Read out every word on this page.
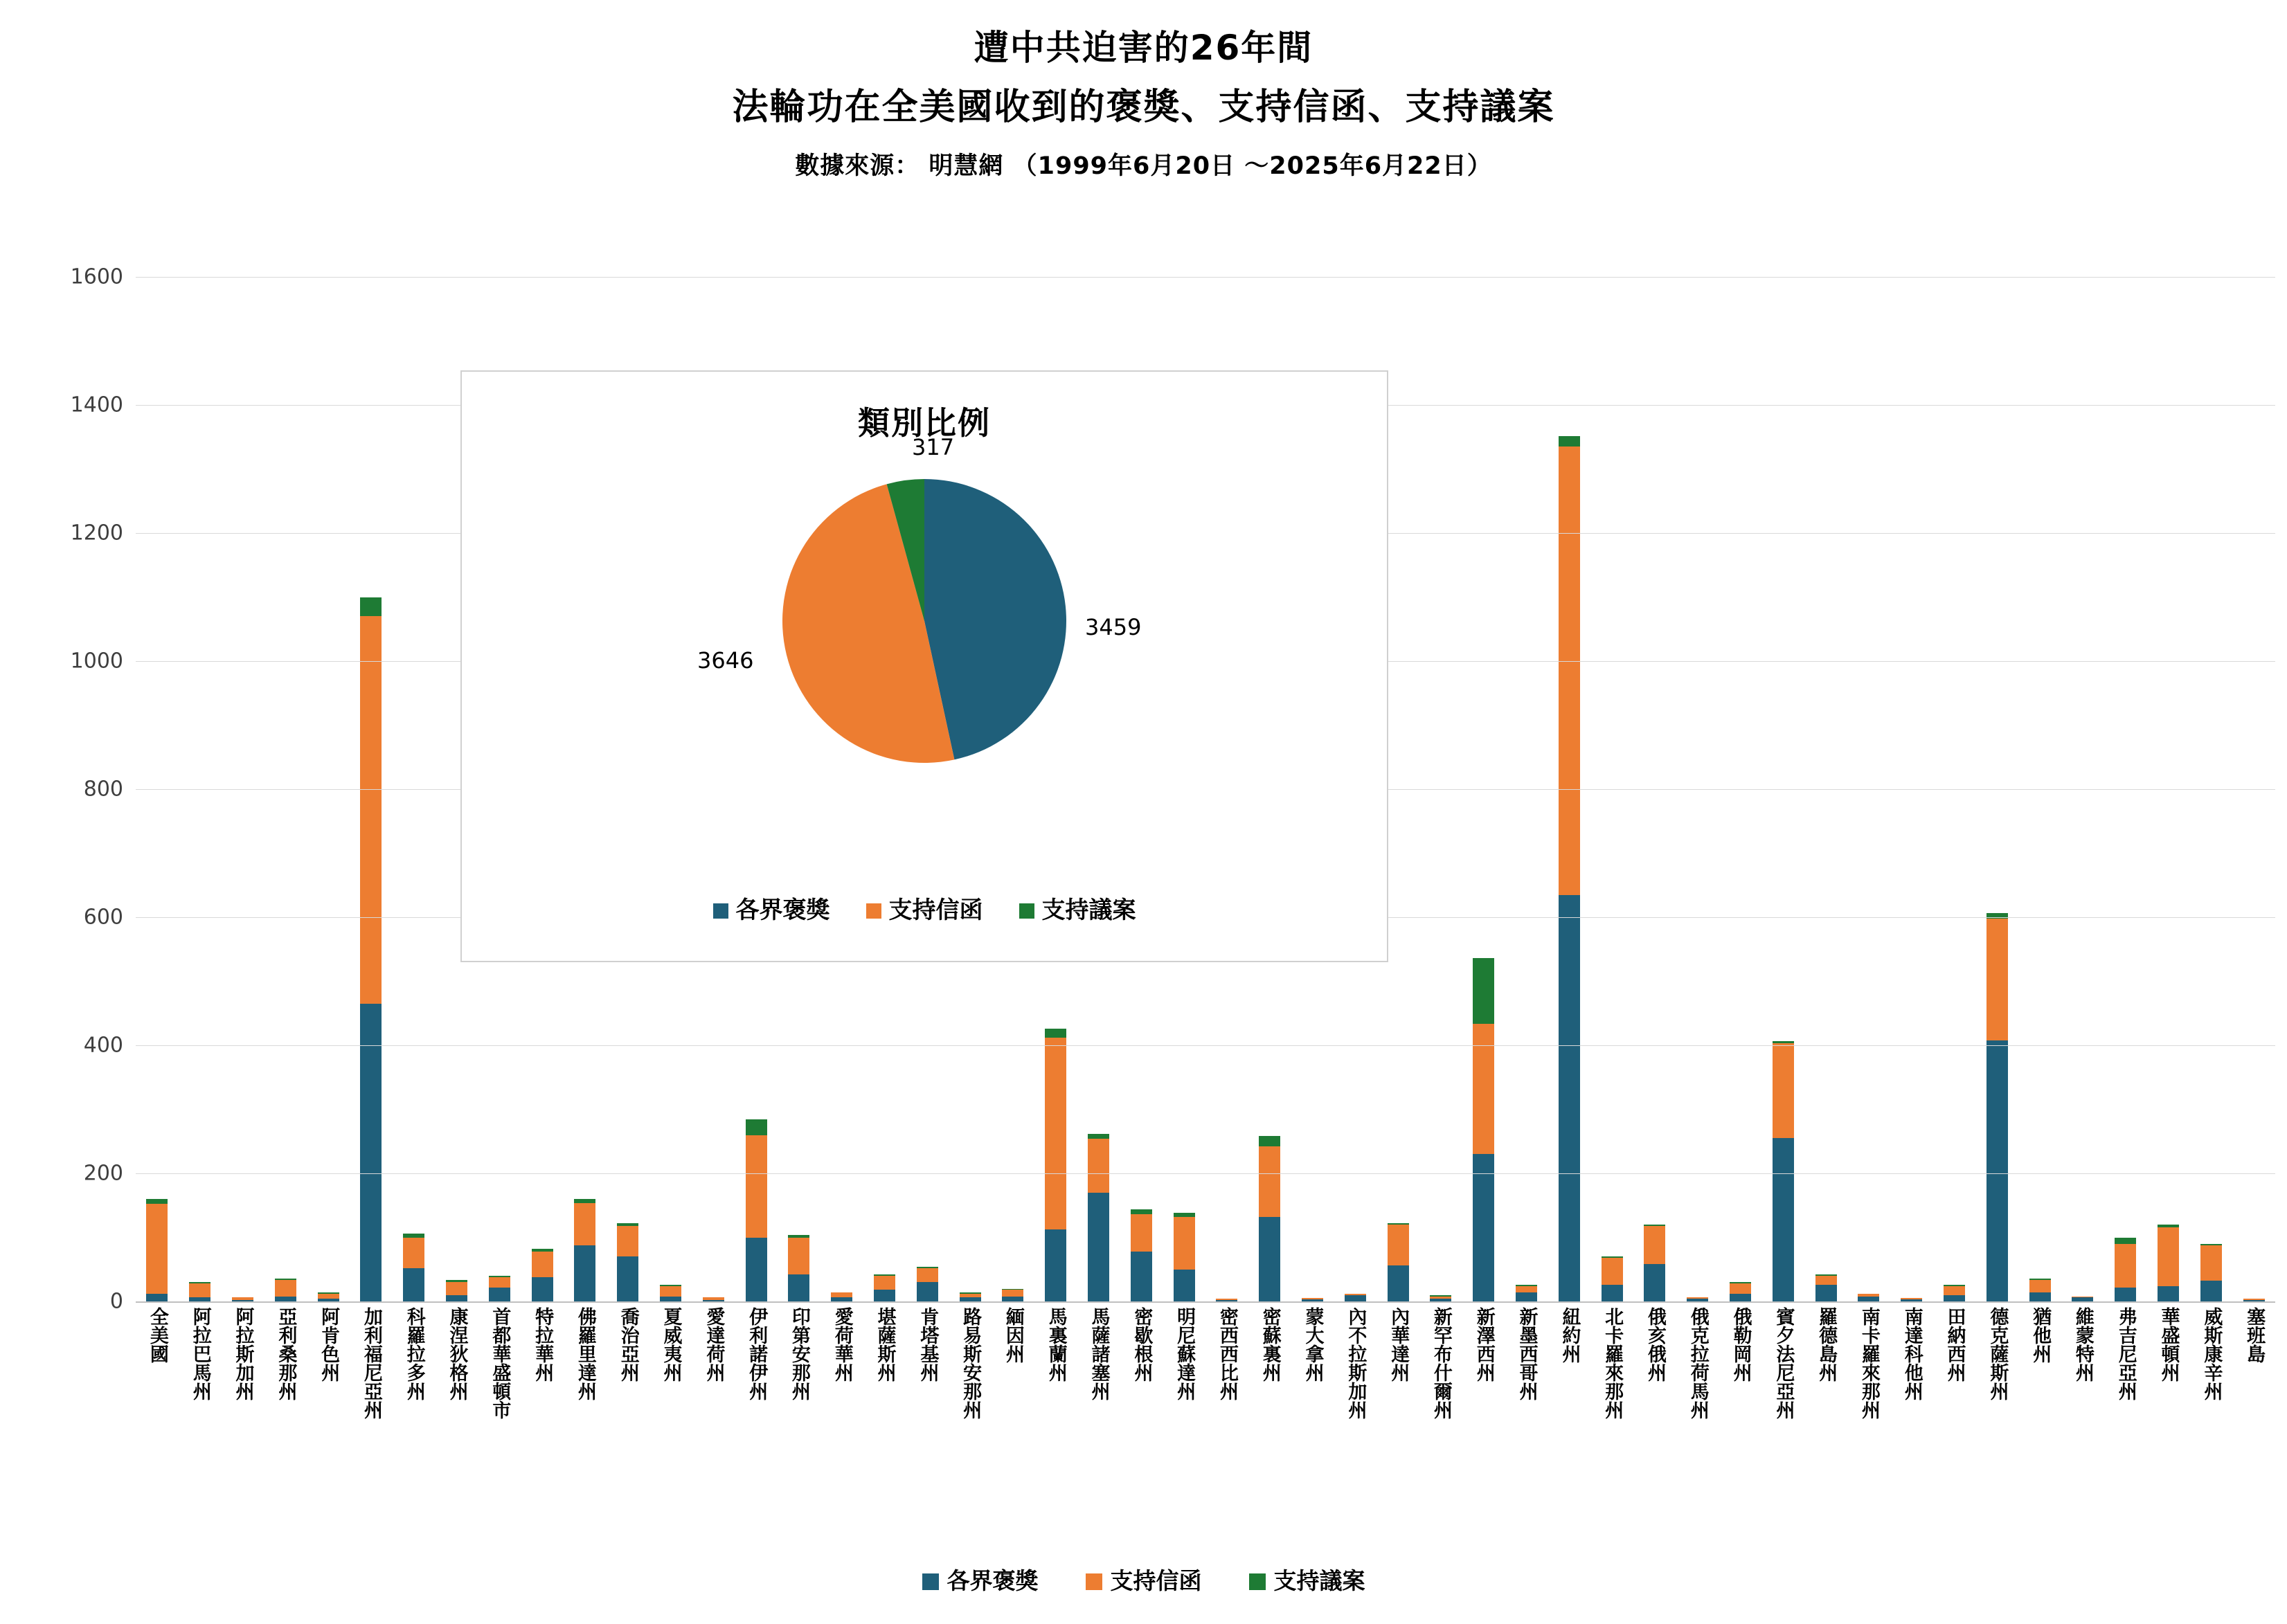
遭中共迫害的26年間
法輪功在全美國收到的褒獎、支持信函、支持議案
數據來源： 明慧網 （1999年6月20日 ～2025年6月22日）
0
200
400
600
800
1000
1200
1400
1600
全美國 阿拉巴馬州 阿拉斯加州 亞利桑那州 阿肯色州 加利福尼亞州 科羅拉多州 康涅狄格州 首都華盛頓市 特拉華州 佛羅里達州 喬治亞州 夏威夷州 愛達荷州 伊利諾伊州 印第安那州 愛荷華州 堪薩斯州 肯塔基州 路易斯安那州 緬因州 馬裏蘭州 馬薩諸塞州 密歇根州 明尼蘇達州 密西西比州 密蘇裏州 蒙大拿州 內不拉斯加州 內華達州 新罕布什爾州 新澤西州 新墨西哥州 紐約州 北卡羅來那州 俄亥俄州 俄克拉荷馬州 俄勒岡州 賓夕法尼亞州 羅德島州 南卡羅來那州 南達科他州 田納西州 德克薩斯州 猶他州 維蒙特州 弗吉尼亞州 華盛頓州 威斯康辛州 塞班島
類別比例
3459
3646
317
各界褒獎	支持信函	支持議案
各界褒獎	支持信函	支持議案
